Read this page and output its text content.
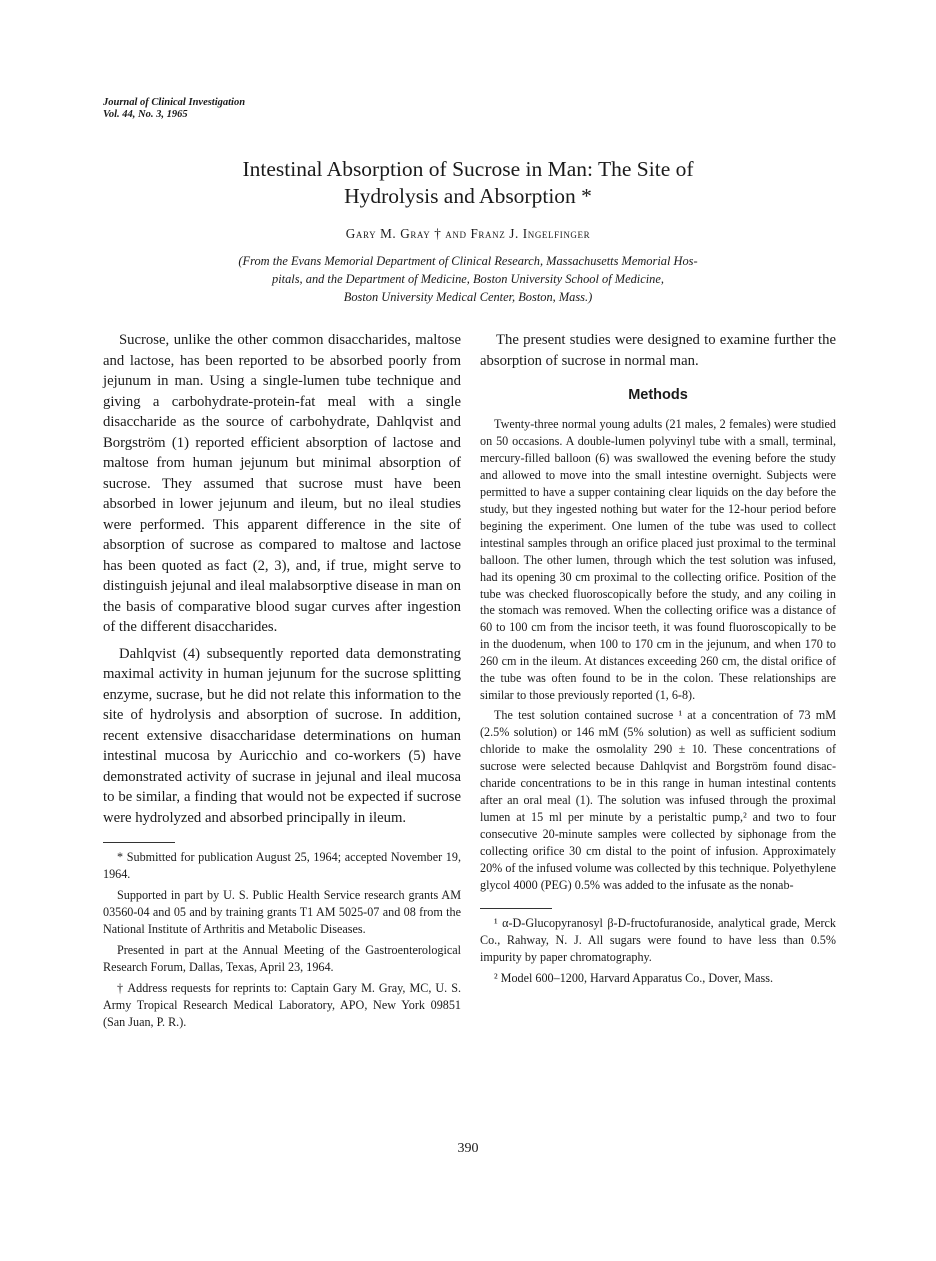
Journal of Clinical Investigation
Vol. 44, No. 3, 1965
Intestinal Absorption of Sucrose in Man: The Site of
Hydrolysis and Absorption *
Gary M. Gray † and Franz J. Ingelfinger
(From the Evans Memorial Department of Clinical Research, Massachusetts Memorial Hos-
pitals, and the Department of Medicine, Boston University School of Medicine,
Boston University Medical Center, Boston, Mass.)

Sucrose, unlike the other common disaccharides, maltose and lactose, has been reported to be absorbed poorly from jejunum in man. Using a single-lumen tube technique and giving a carbohydrate-protein-fat meal with a single disaccharide as the source of carbohydrate, Dahlqvist and Borgström (1) reported efficient absorption of lactose and maltose from human jejunum but minimal absorption of sucrose. They assumed that sucrose must have been absorbed in lower jejunum and ileum, but no ileal studies were performed. This apparent difference in the site of absorption of sucrose as compared to maltose and lactose has been quoted as fact (2, 3), and, if true, might serve to distinguish jejunal and ileal malabsorptive disease in man on the basis of comparative blood sugar curves after ingestion of the different disaccharides.

Dahlqvist (4) subsequently reported data demonstrating maximal activity in human jejunum for the sucrose splitting enzyme, sucrase, but he did not relate this information to the site of hydrolysis and absorption of sucrose. In addition, recent extensive disaccharidase determinations on human intestinal mucosa by Auricchio and co-workers (5) have demonstrated activity of sucrase in jejunal and ileal mucosa to be similar, a finding that would not be expected if sucrose were hydrolyzed and absorbed principally in ileum.

* Submitted for publication August 25, 1964; accepted November 19, 1964.

Supported in part by U. S. Public Health Service research grants AM 03560-04 and 05 and by training grants T1 AM 5025-07 and 08 from the National Institute of Arthritis and Metabolic Diseases.

Presented in part at the Annual Meeting of the Gastroenterological Research Forum, Dallas, Texas, April 23, 1964.

† Address requests for reprints to: Captain Gary M. Gray, MC, U. S. Army Tropical Research Medical Laboratory, APO, New York 09851 (San Juan, P. R.).

The present studies were designed to examine further the absorption of sucrose in normal man.

Methods

Twenty-three normal young adults (21 males, 2 females) were studied on 50 occasions. A double-lumen polyvinyl tube with a small, terminal, mercury-filled balloon (6) was swallowed the evening before the study and allowed to move into the small intestine overnight. Subjects were permitted to have a supper containing clear liquids on the day before the study, but they ingested nothing but water for the 12-hour period before begining the experiment. One lumen of the tube was used to collect intestinal samples through an orifice placed just proximal to the terminal balloon. The other lumen, through which the test solution was infused, had its opening 30 cm proximal to the collecting orifice. Position of the tube was checked fluoroscopically before the study, and any coiling in the stomach was removed. When the collecting orifice was a distance of 60 to 100 cm from the incisor teeth, it was found fluoroscopically to be in the duodenum, when 100 to 170 cm in the jejunum, and when 170 to 260 cm in the ileum. At distances exceeding 260 cm, the distal orifice of the tube was often found to be in the colon. These relationships are similar to those previously reported (1, 6-8).

The test solution contained sucrose ¹ at a concentration of 73 mM (2.5% solution) or 146 mM (5% solution) as well as sufficient sodium chloride to make the osmolality 290 ± 10. These concentrations of sucrose were selected because Dahlqvist and Borgström found disaccharide concentrations to be in this range in human intestinal contents after an oral meal (1). The solution was infused through the proximal lumen at 15 ml per minute by a peristaltic pump,² and two to four consecutive 20-minute samples were collected by siphonage from the collecting orifice 30 cm distal to the point of infusion. Approximately 20% of the infused volume was collected by this technique. Polyethylene glycol 4000 (PEG) 0.5% was added to the infusate as the nonab-

¹ α-D-Glucopyranosyl β-D-fructofuranoside, analytical grade, Merck Co., Rahway, N. J. All sugars were found to have less than 0.5% impurity by paper chromatography.

² Model 600–1200, Harvard Apparatus Co., Dover, Mass.

390
